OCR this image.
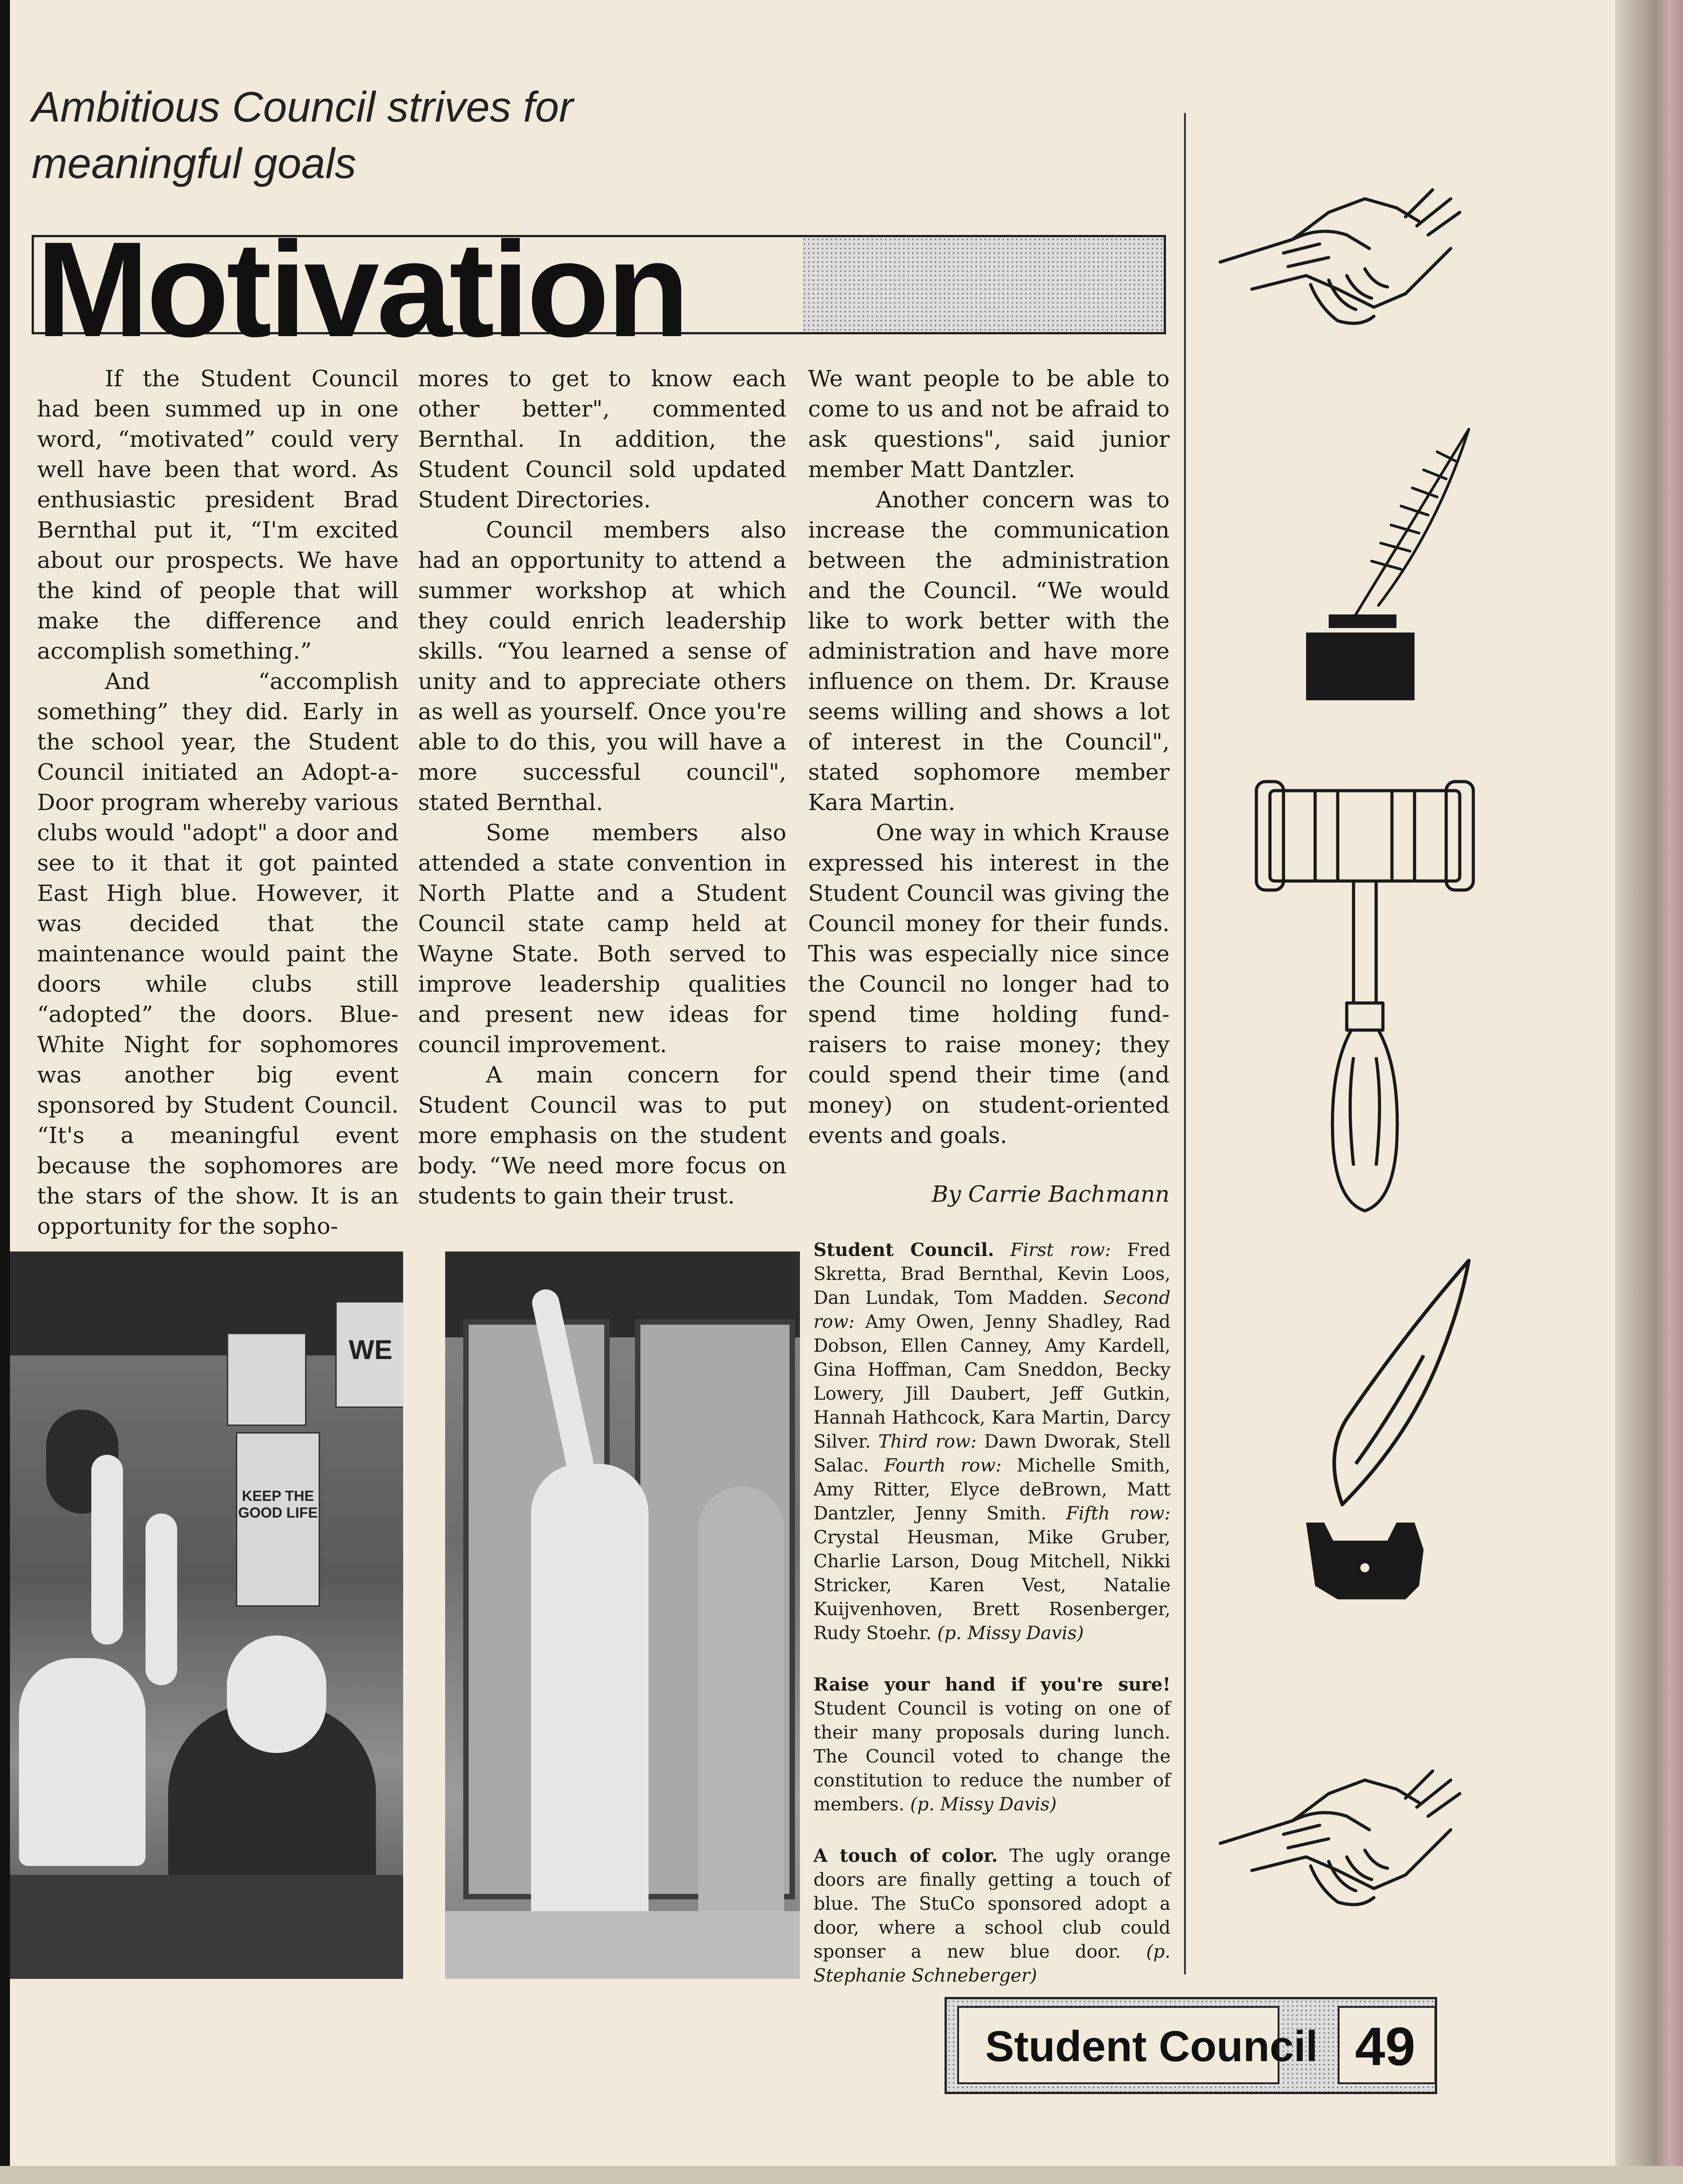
Ambitious Council strives for
meaningful goals
Motivation

If the Student Council had been summed up in one word, “motivated” could very well have been that word. As enthusiastic president Brad Bernthal put it, “I'm excited about our prospects. We have the kind of people that will make the difference and accomplish something.”

And “accomplish something” they did. Early in the school year, the Student Council initiated an Adopt-a-Door program whereby various clubs would "adopt" a door and see to it that it got painted East High blue. However, it was decided that the maintenance would paint the doors while clubs still “adopted” the doors. Blue-White Night for sophomores was another big event sponsored by Student Council. “It's a meaningful event because the sophomores are the stars of the show. It is an opportunity for the sopho-

mores to get to know each other better", commented Bernthal. In addition, the Student Council sold updated Student Directories.

Council members also had an opportunity to attend a summer workshop at which they could enrich leadership skills. “You learned a sense of unity and to appreciate others as well as yourself. Once you're able to do this, you will have a more successful council", stated Bernthal.

Some members also attended a state convention in North Platte and a Student Council state camp held at Wayne State. Both served to improve leadership qualities and present new ideas for council improvement.

A main concern for Student Council was to put more emphasis on the student body. “We need more focus on students to gain their trust.

We want people to be able to come to us and not be afraid to ask questions", said junior member Matt Dantzler.

Another concern was to increase the communication between the administration and the Council. “We would like to work better with the administration and have more influence on them. Dr. Krause seems willing and shows a lot of interest in the Council", stated sophomore member Kara Martin.

One way in which Krause expressed his interest in the Student Council was giving the Council money for their funds. This was especially nice since the Council no longer had to spend time holding fund-raisers to raise money; they could spend their time (and money) on student-oriented events and goals.

By Carrie Bachmann
WE
KEEP THE GOOD LIFE

Student Council. First row: Fred Skretta, Brad Bernthal, Kevin Loos, Dan Lundak, Tom Madden. Second row: Amy Owen, Jenny Shadley, Rad Dobson, Ellen Canney, Amy Kardell, Gina Hoffman, Cam Sneddon, Becky Lowery, Jill Daubert, Jeff Gutkin, Hannah Hathcock, Kara Martin, Darcy Silver. Third row: Dawn Dworak, Stell Salac. Fourth row: Michelle Smith, Amy Ritter, Elyce deBrown, Matt Dantzler, Jenny Smith. Fifth row: Crystal Heusman, Mike Gruber, Charlie Larson, Doug Mitchell, Nikki Stricker, Karen Vest, Natalie Kuijvenhoven, Brett Rosenberger, Rudy Stoehr. (p. Missy Davis)

Raise your hand if you're sure! Student Council is voting on one of their many proposals during lunch. The Council voted to change the constitution to reduce the number of members. (p. Missy Davis)

A touch of color. The ugly orange doors are finally getting a touch of blue. The StuCo sponsored adopt a door, where a school club could sponser a new blue door. (p. Stephanie Schneberger)

Student Council 49
